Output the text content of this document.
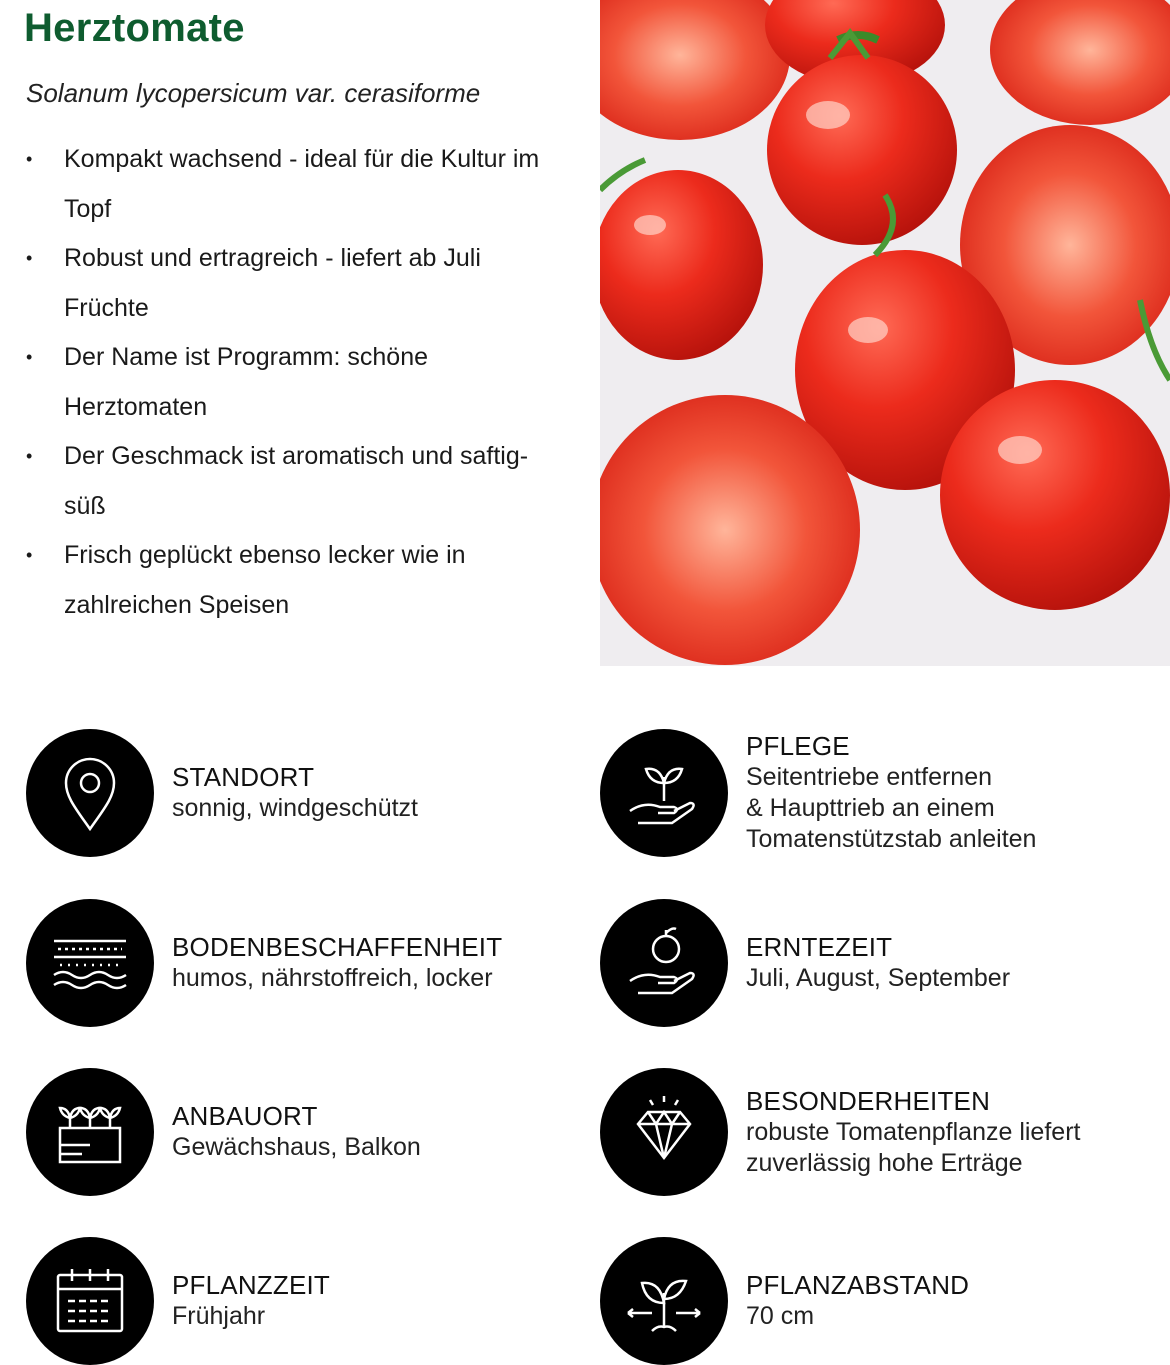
Herztomate

Solanum lycopersicum var. cerasiforme

• Kompakt wachsend - ideal für die Kultur im Topf
• Robust und ertragreich - liefert ab Juli Früchte
• Der Name ist Programm: schöne Herztomaten
• Der Geschmack ist aromatisch und saftig-süß
• Frisch geplückt ebenso lecker wie in zahlreichen Speisen
STANDORT
sonnig, windgeschützt
BODENBESCHAFFENHEIT
humos, nährstoffreich, locker
ANBAUORT
Gewächshaus, Balkon
PFLANZZEIT
Frühjahr
PFLEGE
Seitentriebe entfernen
& Haupttrieb an einem
Tomatenstützstab anleiten
ERNTEZEIT
Juli, August, September
BESONDERHEITEN
robuste Tomatenpflanze liefert
zuverlässig hohe Erträge
PFLANZABSTAND
70 cm
